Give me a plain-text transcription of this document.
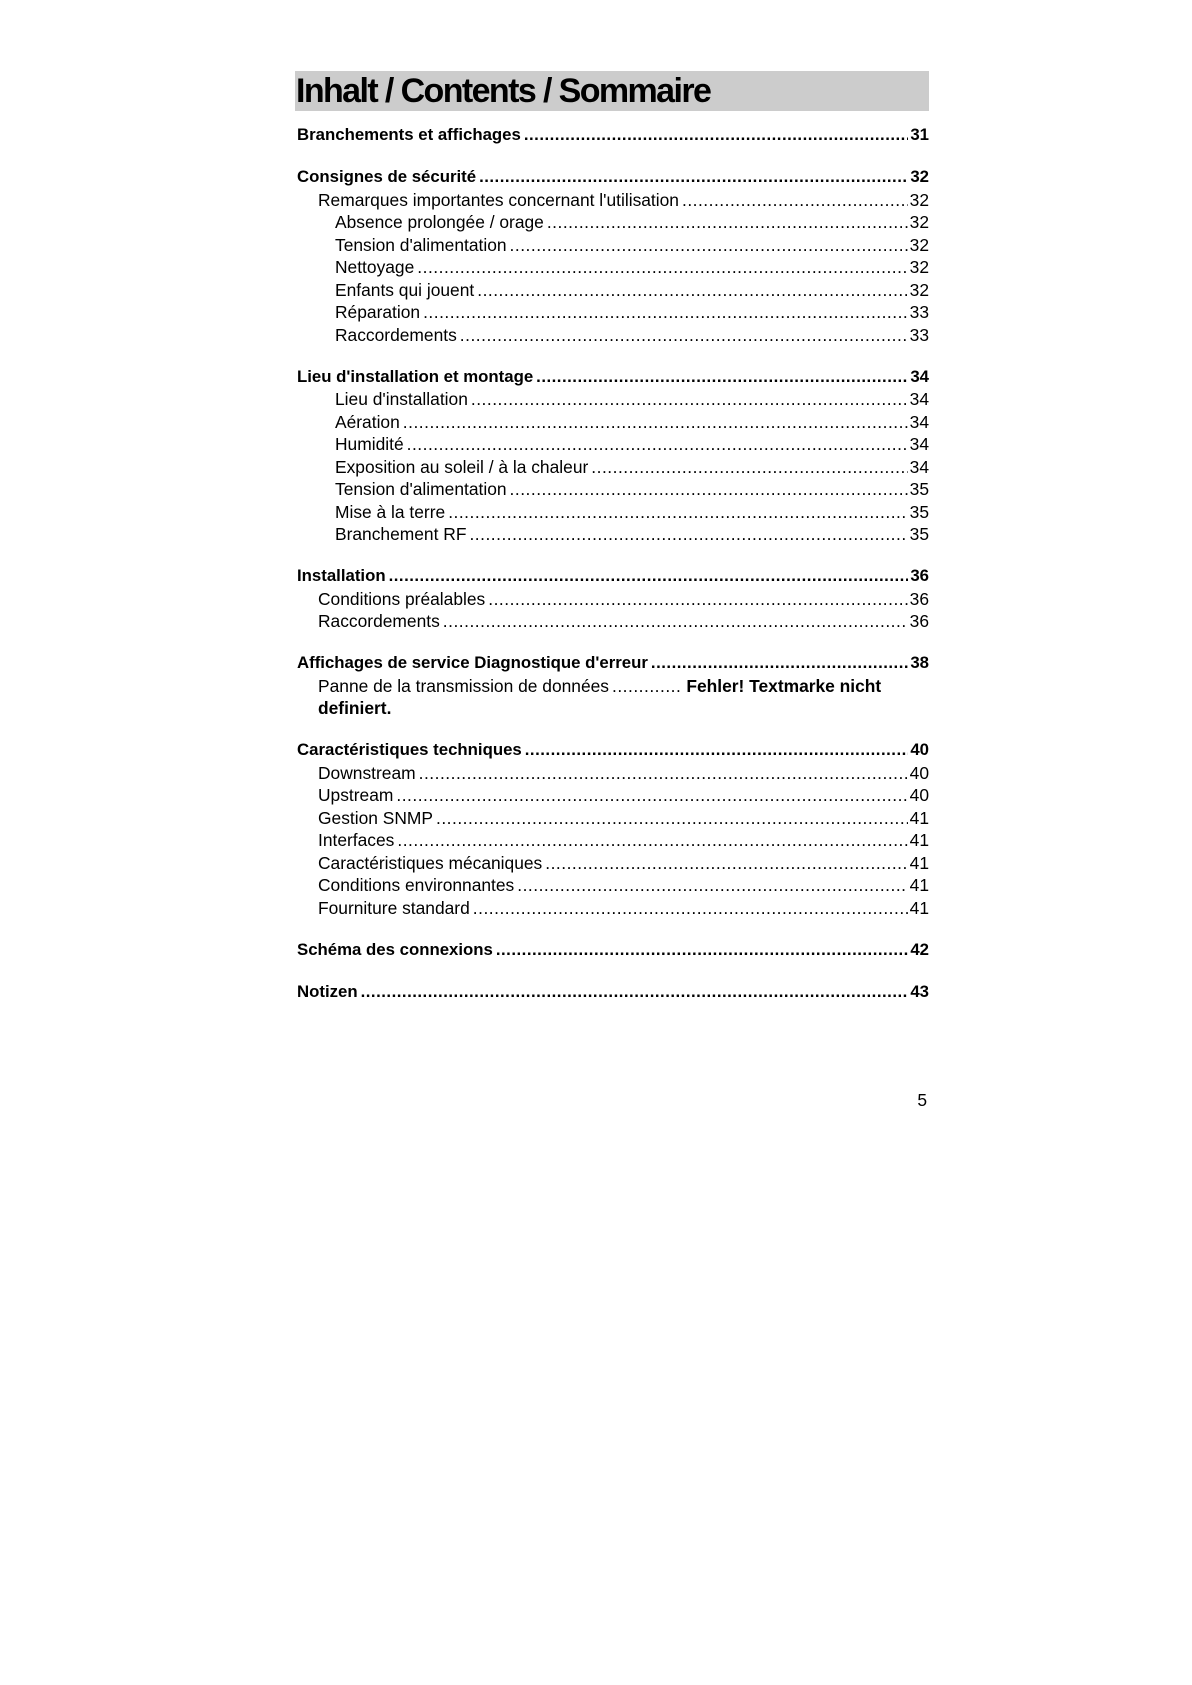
Inhalt / Contents / Sommaire
Branchements et affichages .....	31
Consignes de sécurité .....	32
Remarques importantes concernant l'utilisation .....	32
Absence prolongée / orage .....	32
Tension d'alimentation .....	32
Nettoyage .....	32
Enfants qui jouent .....	32
Réparation .....	33
Raccordements .....	33
Lieu d'installation et montage .....	34
Lieu d'installation .....	34
Aération .....	34
Humidité .....	34
Exposition au soleil / à la chaleur .....	34
Tension d'alimentation .....	35
Mise à la terre .....	35
Branchement RF .....	35
Installation .....	36
Conditions préalables .....	36
Raccordements .....	36
Affichages de service Diagnostique d'erreur .....	38
Panne de la transmission de données ............. Fehler! Textmarke nicht
definiert.
Caractéristiques techniques .....	40
Downstream .....	40
Upstream .....	40
Gestion SNMP .....	41
Interfaces .....	41
Caractéristiques mécaniques .....	41
Conditions environnantes .....	41
Fourniture standard .....	41
Schéma des connexions .....	42
Notizen .....	43
5
